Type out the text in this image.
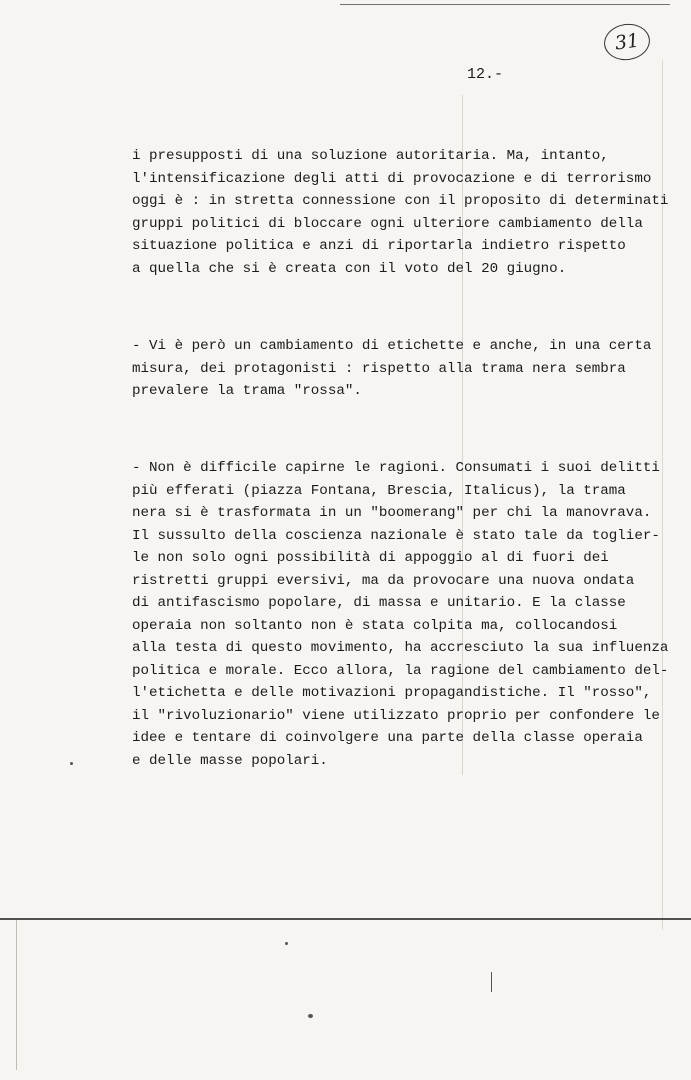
31
12.-
i presupposti di una soluzione autoritaria. Ma, intanto,
l'intensificazione degli atti di provocazione e di terrorismo
oggi è : in stretta connessione con il proposito di determinati
gruppi politici di bloccare ogni ulteriore cambiamento della
situazione politica e anzi di riportarla indietro rispetto
a quella che si è creata con il voto del 20 giugno.
- Vi è però un cambiamento di etichette e anche, in una certa
misura, dei protagonisti : rispetto alla trama nera sembra
prevalere la trama "rossa".
- Non è difficile capirne le ragioni. Consumati i suoi delitti
più efferati (piazza Fontana, Brescia, Italicus), la trama
nera si è trasformata in un "boomerang" per chi la manovrava.
Il sussulto della coscienza nazionale è stato tale da toglier-
le non solo ogni possibilità di appoggio al di fuori dei
ristretti gruppi eversivi, ma da provocare una nuova ondata
di antifascismo popolare, di massa e unitario. E la classe
operaia non soltanto non è stata colpita ma, collocandosi
alla testa di questo movimento, ha accresciuto la sua influenza
politica e morale. Ecco allora, la ragione del cambiamento del-
l'etichetta e delle motivazioni propagandistiche. Il "rosso",
il "rivoluzionario" viene utilizzato proprio per confondere le
idee e tentare di coinvolgere una parte della classe operaia
e delle masse popolari.
